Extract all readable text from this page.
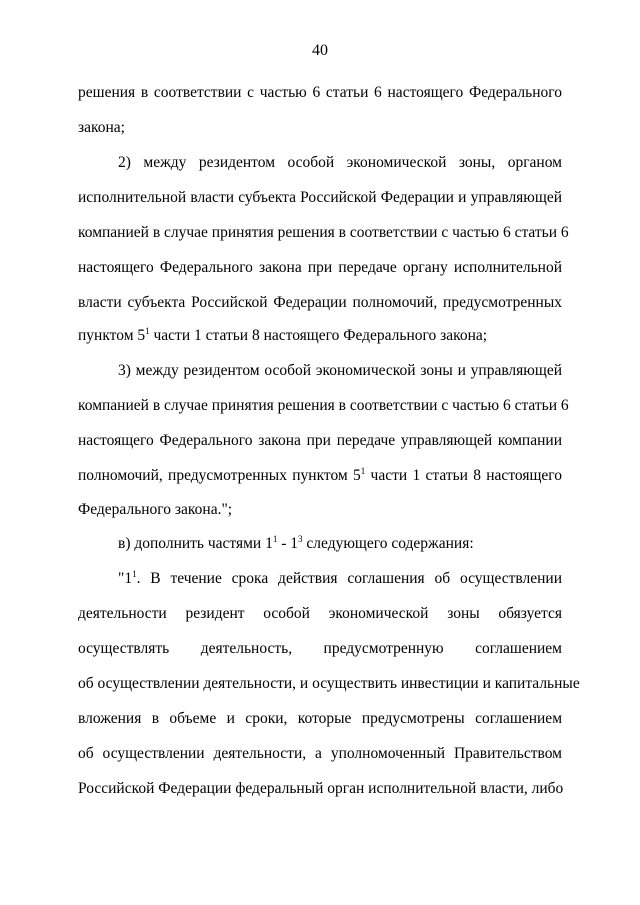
40
решения в соответствии с частью 6 статьи 6 настоящего Федерального
закона;
2) между резидентом особой экономической зоны, органом
исполнительной власти субъекта Российской Федерации и управляющей
компанией в случае принятия решения в соответствии с частью 6 статьи 6
настоящего Федерального закона при передаче органу исполнительной
власти субъекта Российской Федерации полномочий, предусмотренных
пунктом $5^1$ части 1 статьи 8 настоящего Федерального закона;
3) между резидентом особой экономической зоны и управляющей
компанией в случае принятия решения в соответствии с частью 6 статьи 6
настоящего Федерального закона при передаче управляющей компании
полномочий, предусмотренных пунктом $5^1$ части 1 статьи 8 настоящего
Федерального закона.";
в) дополнить частями $1^1 - 1^3$ следующего содержания:
"$1^1$. В течение срока действия соглашения об осуществлении
деятельности резидент особой экономической зоны обязуется
осуществлять деятельность, предусмотренную соглашением
об осуществлении деятельности, и осуществить инвестиции и капитальные
вложения в объеме и сроки, которые предусмотрены соглашением
об осуществлении деятельности, а уполномоченный Правительством
Российской Федерации федеральный орган исполнительной власти, либо
